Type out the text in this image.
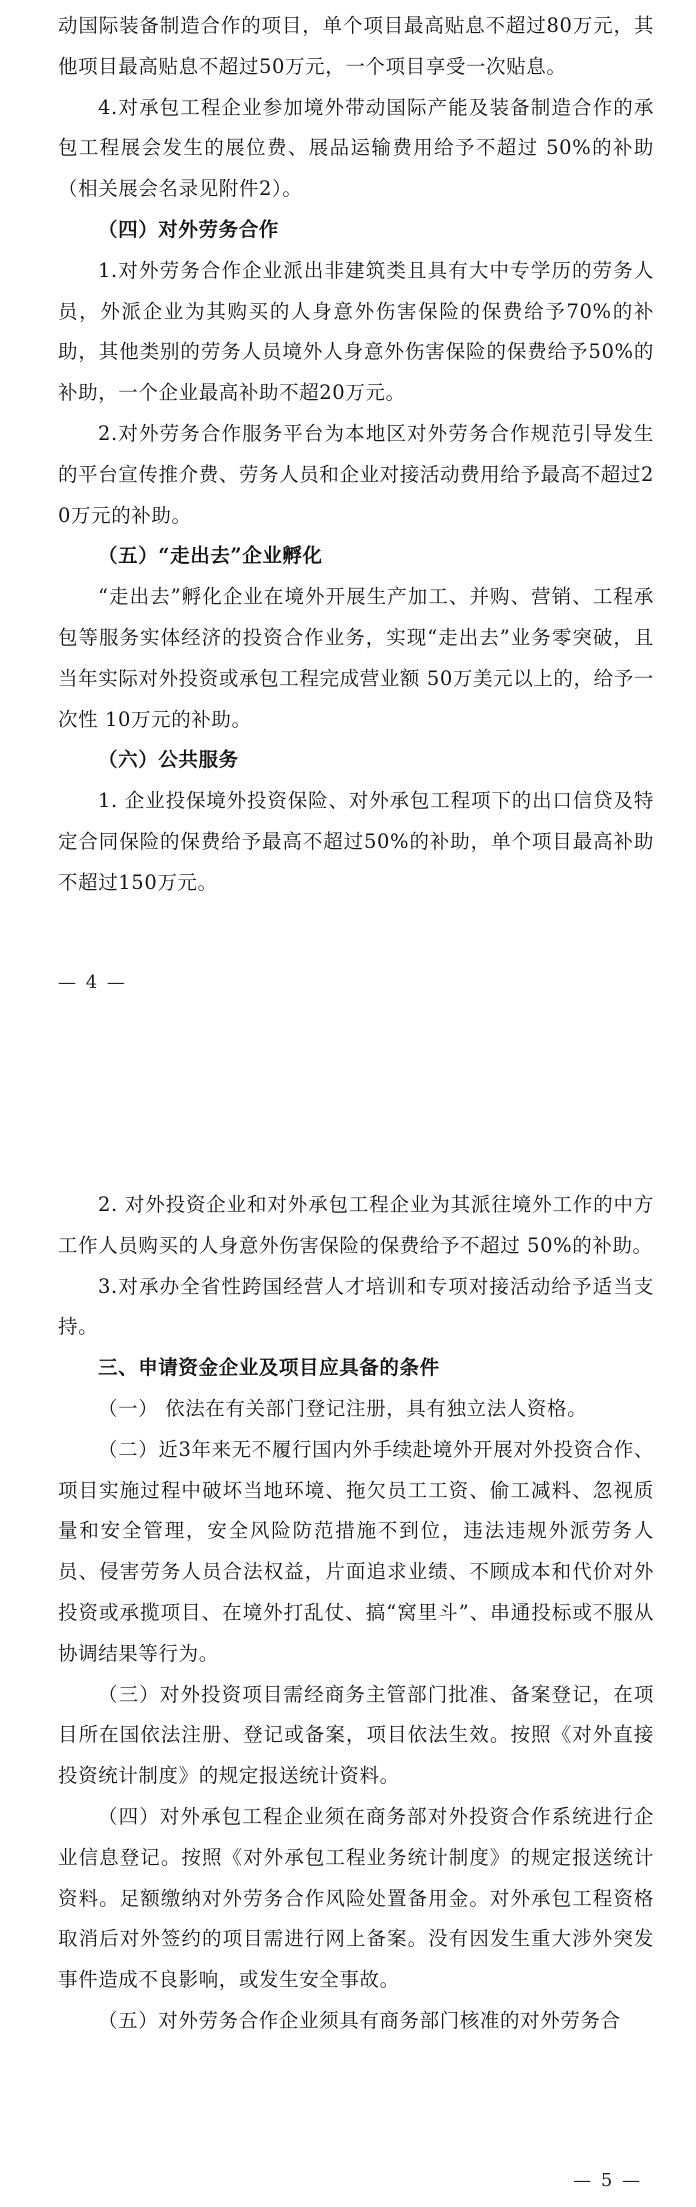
动国际装备制造合作的项目，单个项目最高贴息不超过80万元，其他项目最高贴息不超过50万元，一个项目享受一次贴息。

4.对承包工程企业参加境外带动国际产能及装备制造合作的承包工程展会发生的展位费、展品运输费用给予不超过 50%的补助（相关展会名录见附件2）。

（四）对外劳务合作

1.对外劳务合作企业派出非建筑类且具有大中专学历的劳务人员，外派企业为其购买的人身意外伤害保险的保费给予70%的补助，其他类别的劳务人员境外人身意外伤害保险的保费给予50%的补助，一个企业最高补助不超20万元。

2.对外劳务合作服务平台为本地区对外劳务合作规范引导发生的平台宣传推介费、劳务人员和企业对接活动费用给予最高不超过20万元的补助。

（五）“走出去”企业孵化

“走出去”孵化企业在境外开展生产加工、并购、营销、工程承包等服务实体经济的投资合作业务，实现“走出去”业务零突破，且当年实际对外投资或承包工程完成营业额 50万美元以上的，给予一次性 10万元的补助。

（六）公共服务

1. 企业投保境外投资保险、对外承包工程项下的出口信贷及特定合同保险的保费给予最高不超过50%的补助，单个项目最高补助不超过150万元。

— 4 —

2. 对外投资企业和对外承包工程企业为其派往境外工作的中方工作人员购买的人身意外伤害保险的保费给予不超过 50%的补助。

3.对承办全省性跨国经营人才培训和专项对接活动给予适当支持。

三、申请资金企业及项目应具备的条件

（一） 依法在有关部门登记注册，具有独立法人资格。

（二）近3年来无不履行国内外手续赴境外开展对外投资合作、项目实施过程中破坏当地环境、拖欠员工工资、偷工减料、忽视质量和安全管理，安全风险防范措施不到位，违法违规外派劳务人员、侵害劳务人员合法权益，片面追求业绩、不顾成本和代价对外投资或承揽项目、在境外打乱仗、搞“窝里斗”、串通投标或不服从协调结果等行为。

（三）对外投资项目需经商务主管部门批准、备案登记，在项目所在国依法注册、登记或备案，项目依法生效。按照《对外直接投资统计制度》的规定报送统计资料。

（四）对外承包工程企业须在商务部对外投资合作系统进行企业信息登记。按照《对外承包工程业务统计制度》的规定报送统计资料。足额缴纳对外劳务合作风险处置备用金。对外承包工程资格取消后对外签约的项目需进行网上备案。没有因发生重大涉外突发事件造成不良影响，或发生安全事故。

（五）对外劳务合作企业须具有商务部门核准的对外劳务合

— 5 —
